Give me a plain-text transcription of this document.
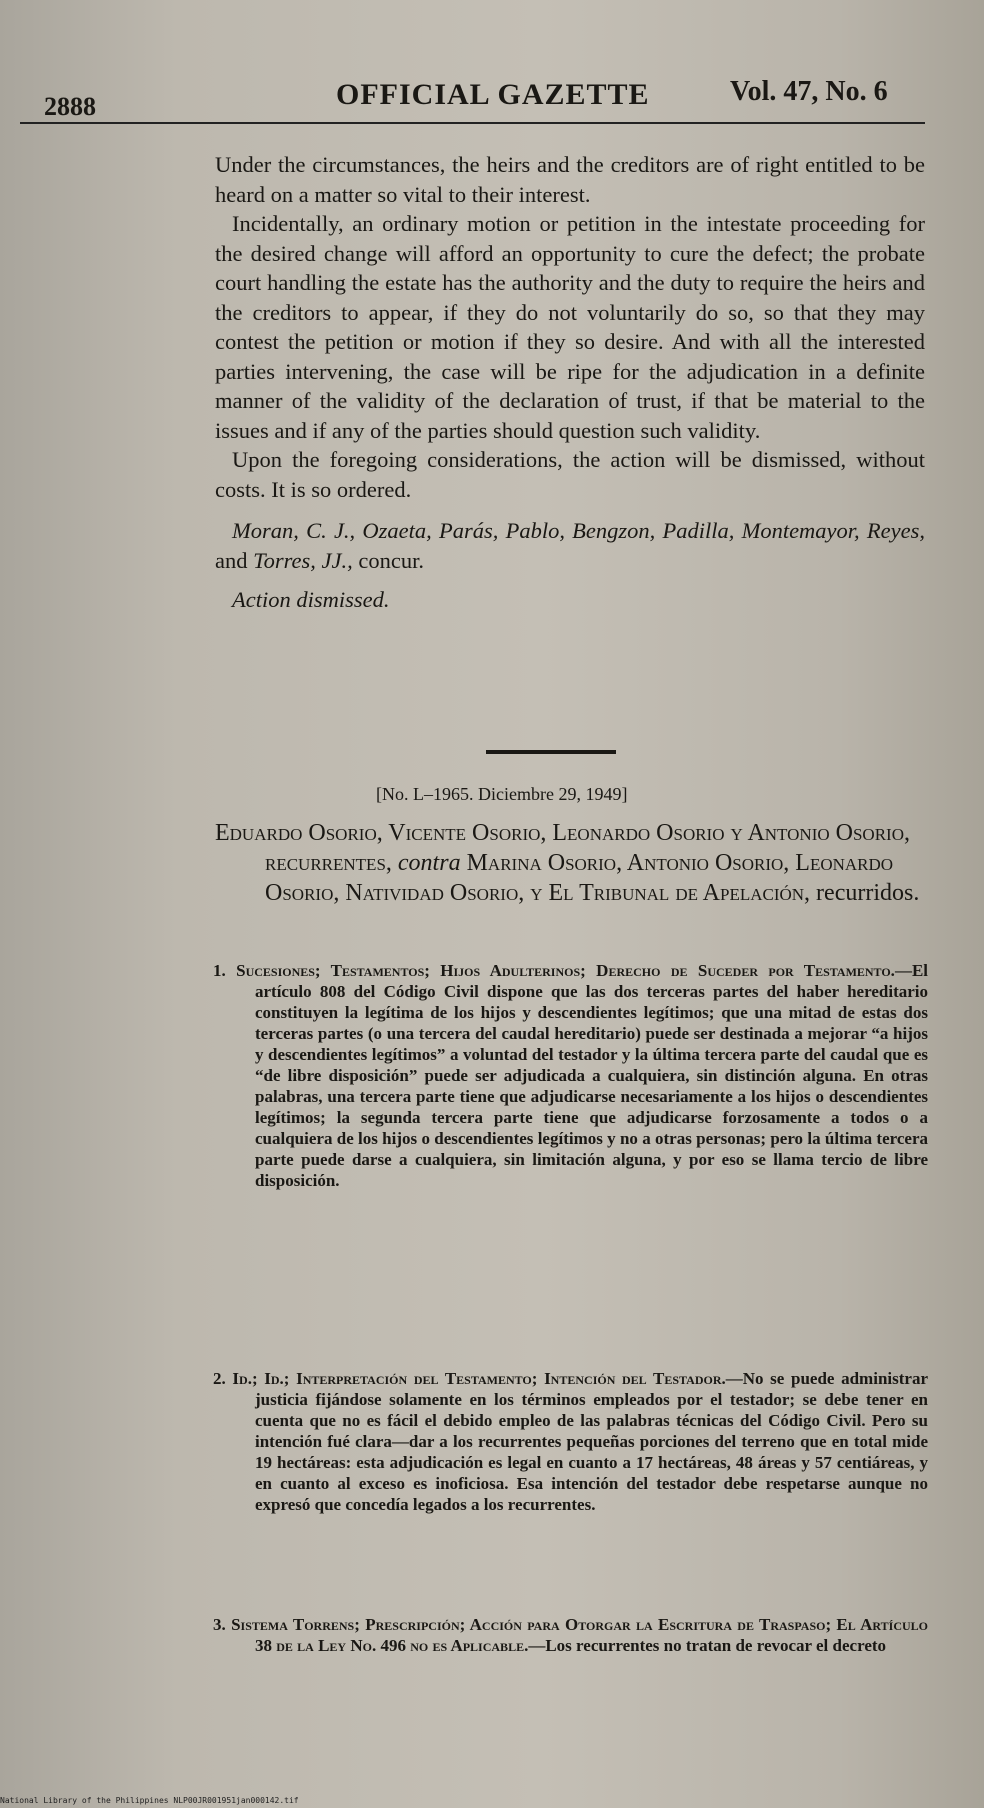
2888	OFFICIAL GAZETTE	Vol. 47, No. 6

Under the circumstances, the heirs and the creditors are of right entitled to be heard on a matter so vital to their interest.

Incidentally, an ordinary motion or petition in the intestate proceeding for the desired change will afford an opportunity to cure the defect; the probate court handling the estate has the authority and the duty to require the heirs and the creditors to appear, if they do not voluntarily do so, so that they may contest the petition or motion if they so desire. And with all the interested parties intervening, the case will be ripe for the adjudication in a definite manner of the validity of the declaration of trust, if that be material to the issues and if any of the parties should question such validity.

Upon the foregoing considerations, the action will be dismissed, without costs. It is so ordered.

Moran, C. J., Ozaeta, Parás, Pablo, Bengzon, Padilla, Montemayor, Reyes, and Torres, JJ., concur.

Action dismissed.

[No. L–1965. Diciembre 29, 1949]

Eduardo Osorio, Vicente Osorio, Leonardo Osorio y Antonio Osorio, recurrentes, contra Marina Osorio, Antonio Osorio, Leonardo Osorio, Natividad Osorio, y El Tribunal de Apelación, recurridos.

1. Sucesiones; Testamentos; Hijos Adulterinos; Derecho de Suceder por Testamento.—El artículo 808 del Código Civil dispone que las dos terceras partes del haber hereditario constituyen la legítima de los hijos y descendientes legítimos; que una mitad de estas dos terceras partes (o una tercera del caudal hereditario) puede ser destinada a mejorar “a hijos y descendientes legítimos” a voluntad del testador y la última tercera parte del caudal que es “de libre disposición” puede ser adjudicada a cualquiera, sin distinción alguna. En otras palabras, una tercera parte tiene que adjudicarse necesariamente a los hijos o descendientes legítimos; la segunda tercera parte tiene que adjudicarse forzosamente a todos o a cualquiera de los hijos o descendientes legítimos y no a otras personas; pero la última tercera parte puede darse a cualquiera, sin limitación alguna, y por eso se llama tercio de libre disposición.

2. Id.; Id.; Interpretación del Testamento; Intención del Testador.—No se puede administrar justicia fijándose solamente en los términos empleados por el testador; se debe tener en cuenta que no es fácil el debido empleo de las palabras técnicas del Código Civil. Pero su intención fué clara—dar a los recurrentes pequeñas porciones del terreno que en total mide 19 hectáreas: esta adjudicación es legal en cuanto a 17 hectáreas, 48 áreas y 57 centiáreas, y en cuanto al exceso es inoficiosa. Esa intención del testador debe respetarse aunque no expresó que concedía legados a los recurrentes.

3. Sistema Torrens; Prescripción; Acción para Otorgar la Escritura de Traspaso; El Artículo 38 de la Ley No. 496 no es Aplicable.—Los recurrentes no tratan de revocar el decreto

National Library of the Philippines NLP00JR001951jan000142.tif
